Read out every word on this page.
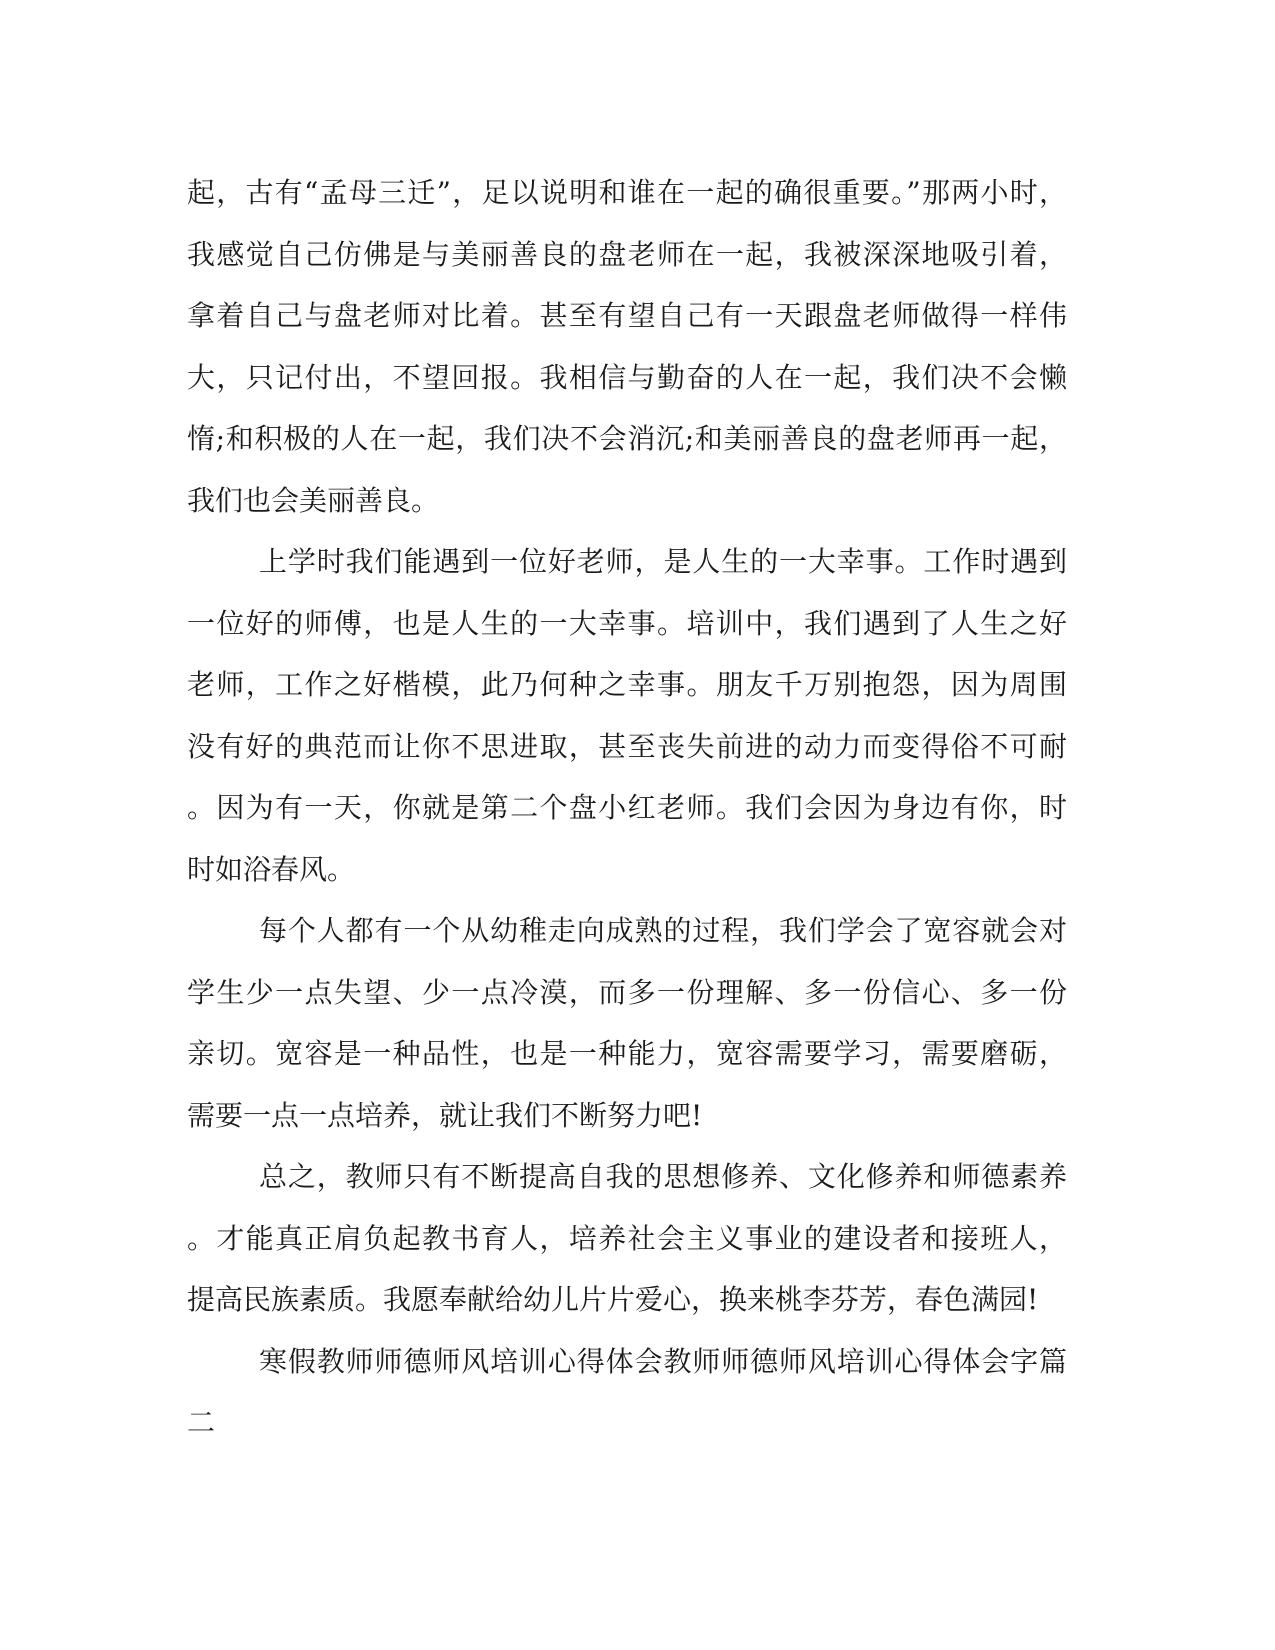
起，古有“孟母三迁”，足以说明和谁在一起的确很重要。”那两小时，
我感觉自己仿佛是与美丽善良的盘老师在一起，我被深深地吸引着，
拿着自己与盘老师对比着。甚至有望自己有一天跟盘老师做得一样伟
大，只记付出，不望回报。我相信与勤奋的人在一起，我们决不会懒
惰;和积极的人在一起，我们决不会消沉;和美丽善良的盘老师再一起，
我们也会美丽善良。
上学时我们能遇到一位好老师，是人生的一大幸事。工作时遇到
一位好的师傅，也是人生的一大幸事。培训中，我们遇到了人生之好
老师，工作之好楷模，此乃何种之幸事。朋友千万别抱怨，因为周围
没有好的典范而让你不思进取，甚至丧失前进的动力而变得俗不可耐
。因为有一天，你就是第二个盘小红老师。我们会因为身边有你，时
时如浴春风。
每个人都有一个从幼稚走向成熟的过程，我们学会了宽容就会对
学生少一点失望、少一点冷漠，而多一份理解、多一份信心、多一份
亲切。宽容是一种品性，也是一种能力，宽容需要学习，需要磨砺，
需要一点一点培养，就让我们不断努力吧!
总之，教师只有不断提高自我的思想修养、文化修养和师德素养
。才能真正肩负起教书育人，培养社会主义事业的建设者和接班人，
提高民族素质。我愿奉献给幼儿片片爱心，换来桃李芬芳，春色满园!
寒假教师师德师风培训心得体会教师师德师风培训心得体会字篇
二
